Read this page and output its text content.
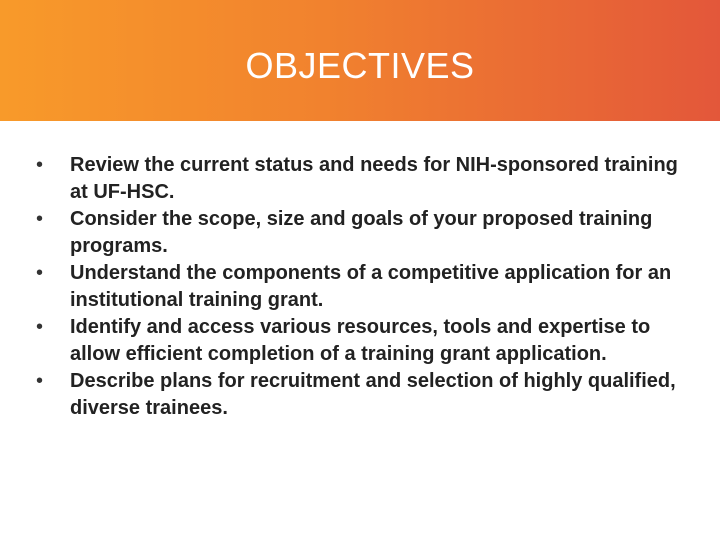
OBJECTIVES
•	Review the current status and needs for NIH-sponsored training at UF-HSC.
•	Consider the scope, size and goals of your proposed training programs.
•	Understand the components of a competitive application for an institutional training grant.
•	Identify and access various resources, tools and expertise to allow efficient completion of a training grant application.
•	Describe plans for recruitment and selection of highly qualified, diverse trainees.
